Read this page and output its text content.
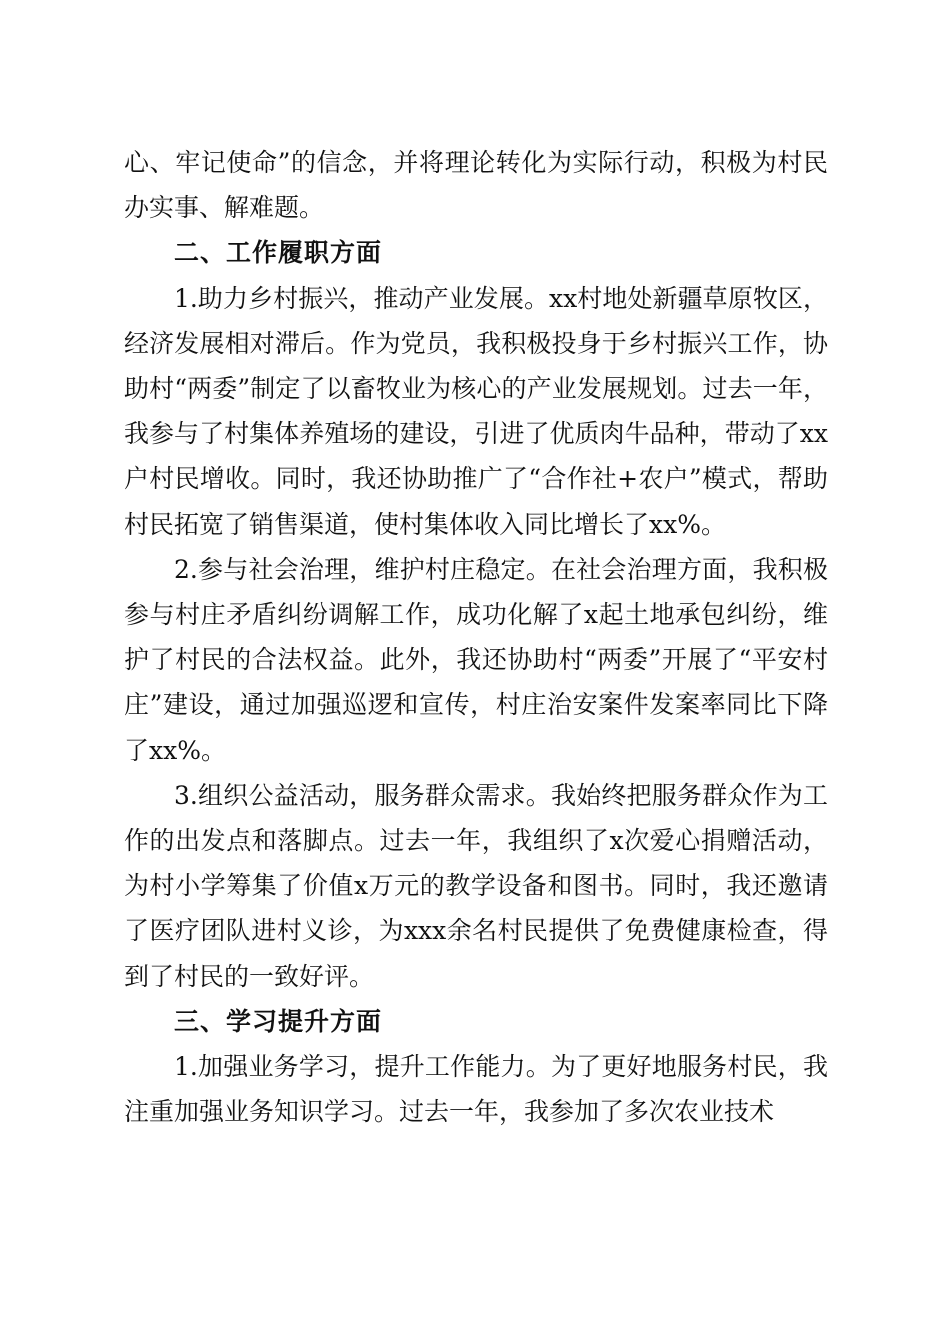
心、牢记使命”的信念，并将理论转化为实际行动，积极为村民办实事、解难题。

二、工作履职方面

1.助力乡村振兴，推动产业发展。xx村地处新疆草原牧区，经济发展相对滞后。作为党员，我积极投身于乡村振兴工作，协助村“两委”制定了以畜牧业为核心的产业发展规划。过去一年，我参与了村集体养殖场的建设，引进了优质肉牛品种，带动了xx户村民增收。同时，我还协助推广了“合作社+农户”模式，帮助村民拓宽了销售渠道，使村集体收入同比增长了xx%。

2.参与社会治理，维护村庄稳定。在社会治理方面，我积极参与村庄矛盾纠纷调解工作，成功化解了x起土地承包纠纷，维护了村民的合法权益。此外，我还协助村“两委”开展了“平安村庄”建设，通过加强巡逻和宣传，村庄治安案件发案率同比下降了xx%。

3.组织公益活动，服务群众需求。我始终把服务群众作为工作的出发点和落脚点。过去一年，我组织了x次爱心捐赠活动，为村小学筹集了价值x万元的教学设备和图书。同时，我还邀请了医疗团队进村义诊，为xxx余名村民提供了免费健康检查，得到了村民的一致好评。

三、学习提升方面

1.加强业务学习，提升工作能力。为了更好地服务村民，我注重加强业务知识学习。过去一年，我参加了多次农业技术
